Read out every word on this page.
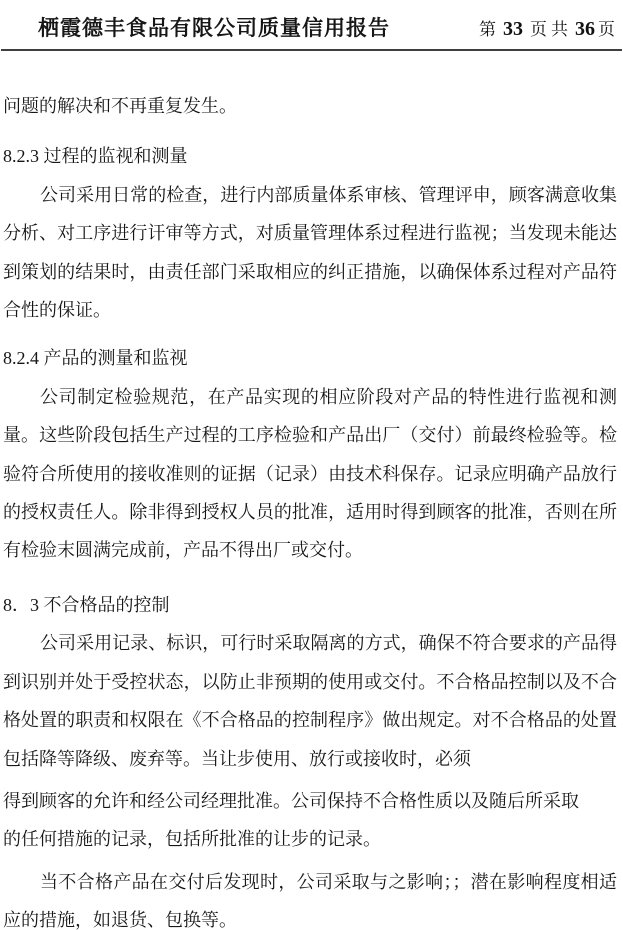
栖霞德丰食品有限公司质量信用报告	第 33 页 共 36 页
问题的解决和不再重复发生。
8.2.3 过程的监视和测量
公司采用日常的检查，进行内部质量体系审核、管理评申，顾客满意收集
分析、对工序进行讦审等方式，对质量管理体系过程进行监视；当发现未能达
到策划的结果时，由责任部门采取相应的纠正措施，以确保体系过程对产品符
合性的保证。
8.2.4 产品的测量和监视
公司制定检验规范，在产品实现的相应阶段对产品的特性进行监视和测
量。这些阶段包括生产过程的工序检验和产品出厂（交付）前最终检验等。检
验符合所使用的接收准则的证据（记录）由技术科保存。记录应明确产品放行
的授权责任人。除非得到授权人员的批准，适用时得到顾客的批准，否则在所
有检验末圆满完成前，产品不得出厂或交付。
8．3 不合格品的控制
公司采用记录、标识，可行时采取隔离的方式，确保不符合要求的产品得
到识别并处于受控状态，以防止非预期的使用或交付。不合格品控制以及不合
格处置的职责和权限在《不合格品的控制程序》做出规定。对不合格品的处置
包括降等降级、废弃等。当让步使用、放行或接收时，必须
得到顾客的允许和经公司经理批准。公司保持不合格性质以及随后所采取
的任何措施的记录，包括所批准的让步的记录。
当不合格产品在交付后发现时，公司采取与之影响；；潜在影响程度相适
应的措施，如退货、包换等。
